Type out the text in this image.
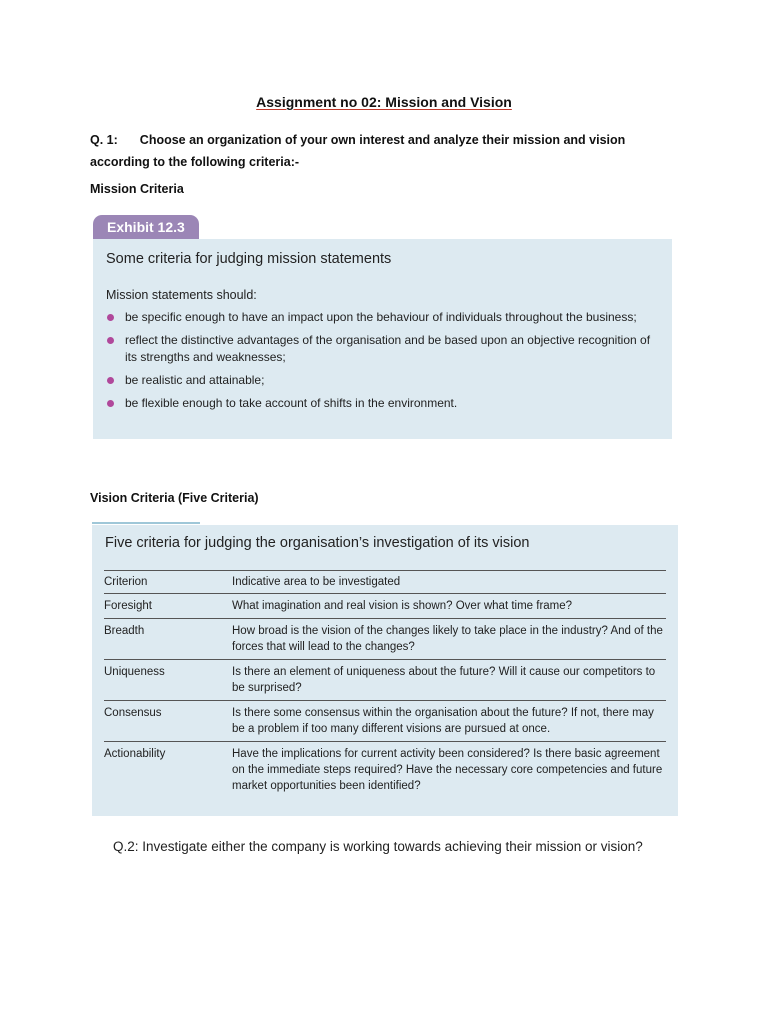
Assignment no 02: Mission and Vision
Q. 1: Choose an organization of your own interest and analyze their mission and vision according to the following criteria:-
Mission Criteria
Exhibit 12.3
Some criteria for judging mission statements
Mission statements should:
be specific enough to have an impact upon the behaviour of individuals throughout the business;
reflect the distinctive advantages of the organisation and be based upon an objective recognition of its strengths and weaknesses;
be realistic and attainable;
be flexible enough to take account of shifts in the environment.
Vision Criteria (Five Criteria)
Five criteria for judging the organisation’s investigation of its vision
Criterion	Indicative area to be investigated
Foresight	What imagination and real vision is shown? Over what time frame?
Breadth	How broad is the vision of the changes likely to take place in the industry? And of the forces that will lead to the changes?
Uniqueness	Is there an element of uniqueness about the future? Will it cause our competitors to be surprised?
Consensus	Is there some consensus within the organisation about the future? If not, there may be a problem if too many different visions are pursued at once.
Actionability	Have the implications for current activity been considered? Is there basic agreement on the immediate steps required? Have the necessary core competencies and future market opportunities been identified?
Q.2: Investigate either the company is working towards achieving their mission or vision?
